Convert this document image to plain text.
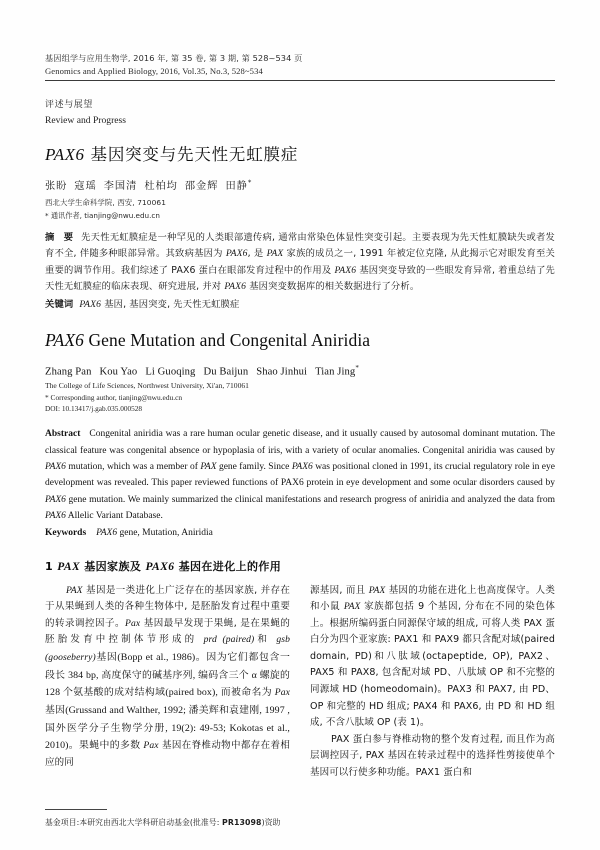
基因组学与应用生物学, 2016 年, 第 35 卷, 第 3 期, 第 528~534 页
Genomics and Applied Biology, 2016, Vol.35, No.3, 528~534
评述与展望
Review and Progress
PAX6 基因突变与先天性无虹膜症
张盼 寇瑶 李国清 杜柏均 邵金辉 田静*
西北大学生命科学院, 西安, 710061
* 通讯作者, tianjing@nwu.edu.cn
摘 要 先天性无虹膜症是一种罕见的人类眼部遗传病, 通常由常染色体显性突变引起。主要表现为先天性虹膜缺失或者发育不全, 伴随多种眼部异常。其致病基因为 PAX6, 是 PAX 家族的成员之一, 1991 年被定位克隆, 从此揭示它对眼发育至关重要的调节作用。我们综述了 PAX6 蛋白在眼部发育过程中的作用及 PAX6 基因突变导致的一些眼发育异常, 着重总结了先天性无虹膜症的临床表现、研究进展, 并对 PAX6 基因突变数据库的相关数据进行了分析。
关键词 PAX6 基因, 基因突变, 先天性无虹膜症
PAX6 Gene Mutation and Congenital Aniridia
Zhang Pan Kou Yao Li Guoqing Du Baijun Shao Jinhui Tian Jing*
The College of Life Sciences, Northwest University, Xi'an, 710061
* Corresponding author, tianjing@nwu.edu.cn
DOI: 10.13417/j.gab.035.000528
Abstract Congenital aniridia was a rare human ocular genetic disease, and it usually caused by autosomal dominant mutation. The classical feature was congenital absence or hypoplasia of iris, with a variety of ocular anomalies. Congenital aniridia was caused by PAX6 mutation, which was a member of PAX gene family. Since PAX6 was positional cloned in 1991, its crucial regulatory role in eye development was revealed. This paper reviewed functions of PAX6 protein in eye development and some ocular disorders caused by PAX6 gene mutation. We mainly summarized the clinical manifestations and research progress of aniridia and analyzed the data from PAX6 Allelic Variant Database.
Keywords PAX6 gene, Mutation, Aniridia
1 PAX 基因家族及 PAX6 基因在进化上的作用

PAX 基因是一类进化上广泛存在的基因家族, 并存在于从果蝇到人类的各种生物体中, 是胚胎发育过程中重要的转录调控因子。Pax 基因最早发现于果蝇, 是在果蝇的胚胎发育中控制体节形成的 prd (paired)和 gsb (gooseberry)基因(Bopp et al., 1986)。因为它们都包含一段长 384 bp, 高度保守的碱基序列, 编码含三个 α 螺旋的 128 个氨基酸的成对结构域(paired box), 而被命名为 Pax 基因(Grussand and Walther, 1992; 潘美辉和袁建刚, 1997 , 国外医学分子生物学分册, 19(2): 49-53; Kokotas et al., 2010)。果蝇中的多数 Pax 基因在脊椎动物中都存在着相应的同

源基因, 而且 PAX 基因的功能在进化上也高度保守。人类和小鼠 PAX 家族都包括 9 个基因, 分布在不同的染色体上。根据所编码蛋白同源保守域的组成, 可将人类 PAX 蛋白分为四个亚家族: PAX1 和 PAX9 都只含配对域(paired domain, PD)和八肽域(octapeptide, OP), PAX2、PAX5 和 PAX8, 包含配对域 PD、八肽域 OP 和不完整的同源域 HD (homeodomain)。PAX3 和 PAX7, 由 PD、OP 和完整的 HD 组成; PAX4 和 PAX6, 由 PD 和 HD 组成, 不含八肽域 OP (表 1)。

PAX 蛋白参与脊椎动物的整个发育过程, 而且作为高层调控因子, PAX 基因在转录过程中的选择性剪接使单个基因可以行使多种功能。PAX1 蛋白和

基金项目:本研究由西北大学科研启动基金(批准号: PR13098)资助
